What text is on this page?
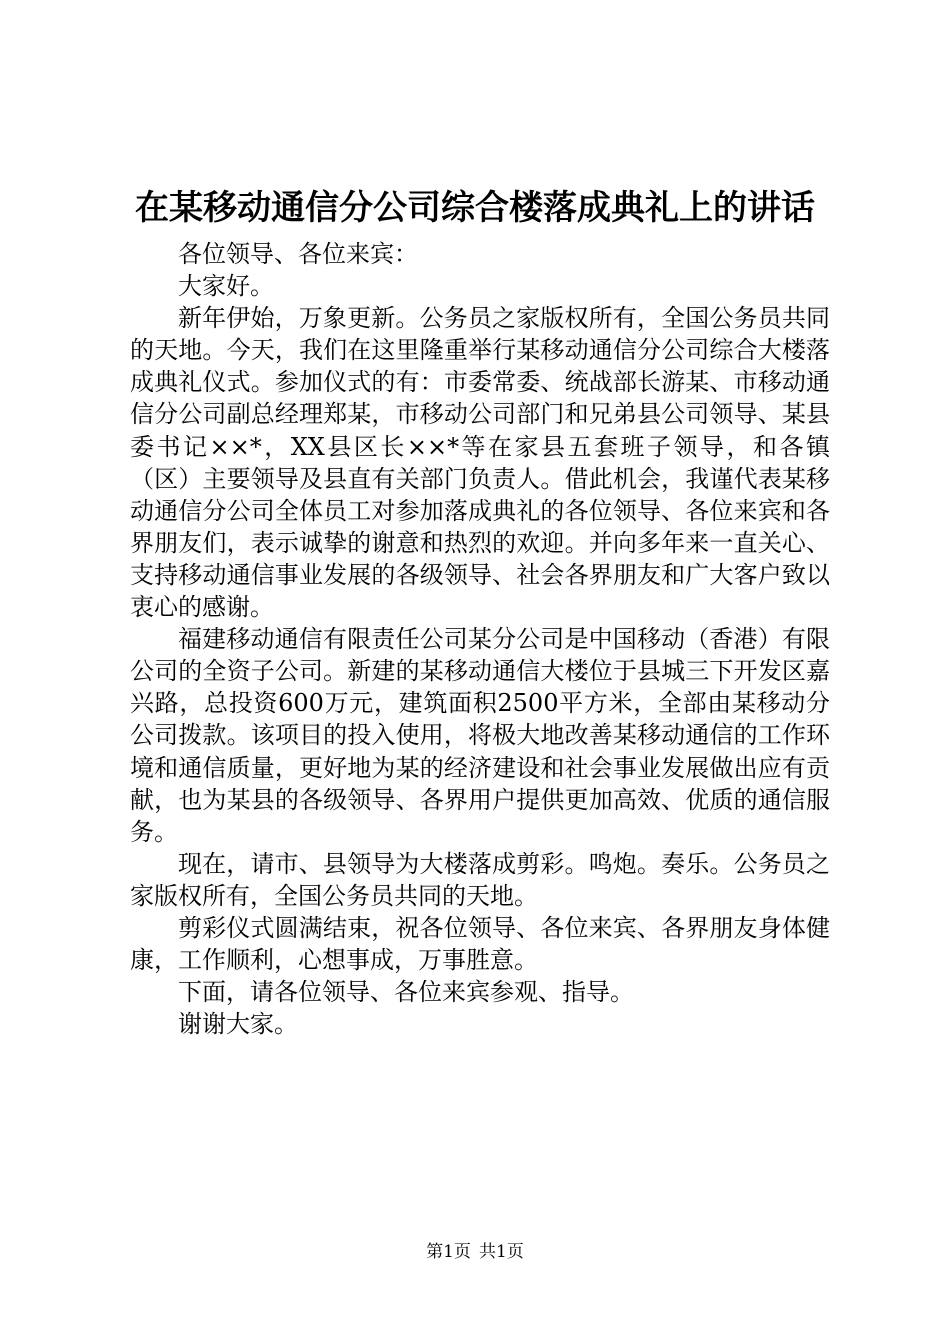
在某移动通信分公司综合楼落成典礼上的讲话

各位领导、各位来宾：

大家好。

新年伊始，万象更新。公务员之家版权所有，全国公务员共同的天地。今天，我们在这里隆重举行某移动通信分公司综合大楼落成典礼仪式。参加仪式的有：市委常委、统战部长游某、市移动通信分公司副总经理郑某，市移动公司部门和兄弟县公司领导、某县委书记××*，XX县区长××*等在家县五套班子领导，和各镇（区）主要领导及县直有关部门负责人。借此机会，我谨代表某移动通信分公司全体员工对参加落成典礼的各位领导、各位来宾和各界朋友们，表示诚挚的谢意和热烈的欢迎。并向多年来一直关心、支持移动通信事业发展的各级领导、社会各界朋友和广大客户致以衷心的感谢。

福建移动通信有限责任公司某分公司是中国移动（香港）有限公司的全资子公司。新建的某移动通信大楼位于县城三下开发区嘉兴路，总投资600万元，建筑面积2500平方米，全部由某移动分公司拨款。该项目的投入使用，将极大地改善某移动通信的工作环境和通信质量，更好地为某的经济建设和社会事业发展做出应有贡献，也为某县的各级领导、各界用户提供更加高效、优质的通信服务。

现在，请市、县领导为大楼落成剪彩。鸣炮。奏乐。公务员之家版权所有，全国公务员共同的天地。

剪彩仪式圆满结束，祝各位领导、各位来宾、各界朋友身体健康，工作顺利，心想事成，万事胜意。

下面，请各位领导、各位来宾参观、指导。

谢谢大家。

第1页 共1页
